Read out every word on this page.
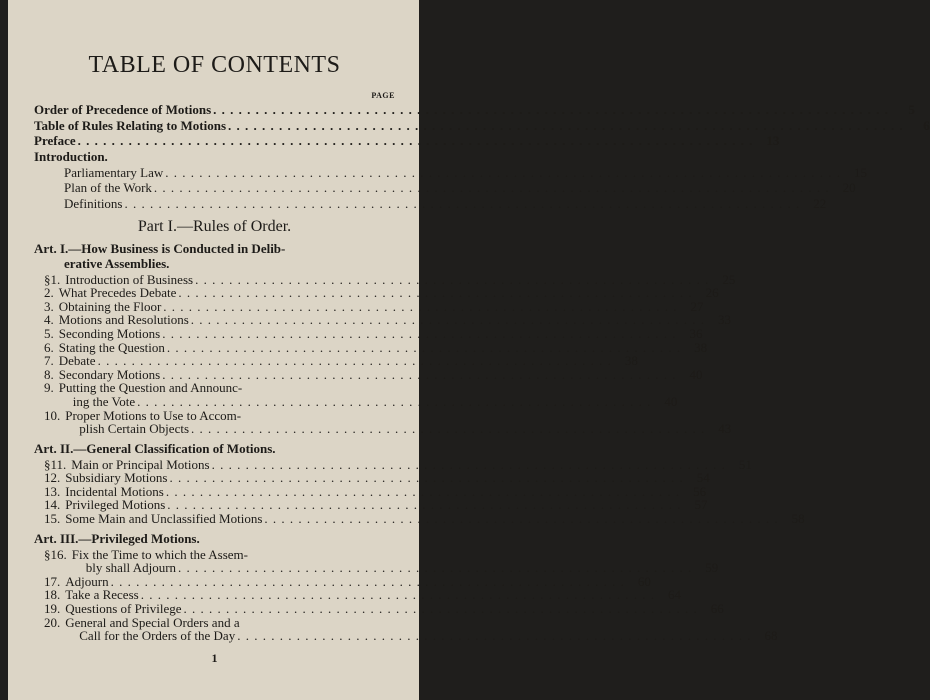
TABLE OF CONTENTS
PAGE
Order of Precedence of Motions . . .	5
Table of Rules Relating to Motions . . .	6
Preface . . .	13
Introduction.
Parliamentary Law . . .	15
Plan of the Work . . .	20
Definitions . . .	22
Part I.—Rules of Order.
Art. I.—How Business is Conducted in Delib-
erative Assemblies.
§ 1. Introduction of Business . . .	25
2. What Precedes Debate . . .	26
3. Obtaining the Floor . . .	27
4. Motions and Resolutions . . .	33
5. Seconding Motions . . .	36
6. Stating the Question . . .	38
7. Debate . . .	38
8. Secondary Motions . . .	40
9. Putting the Question and Announc-
ing the Vote . . .	40
10. Proper Motions to Use to Accom-
plish Certain Objects . . .	43
Art. II.—General Classification of Motions.
§ 11. Main or Principal Motions . . .	51
12. Subsidiary Motions . . .	54
13. Incidental Motions . . .	56
14. Privileged Motions . . .	57
15. Some Main and Unclassified Motions . . .	58
Art. III.—Privileged Motions.
§ 16. Fix the Time to which the Assem-
bly shall Adjourn . . .	59
17. Adjourn . . .	60
18. Take a Recess . . .	64
19. Questions of Privilege . . .	66
20. General and Special Orders and a
Call for the Orders of the Day . . .	68
1
